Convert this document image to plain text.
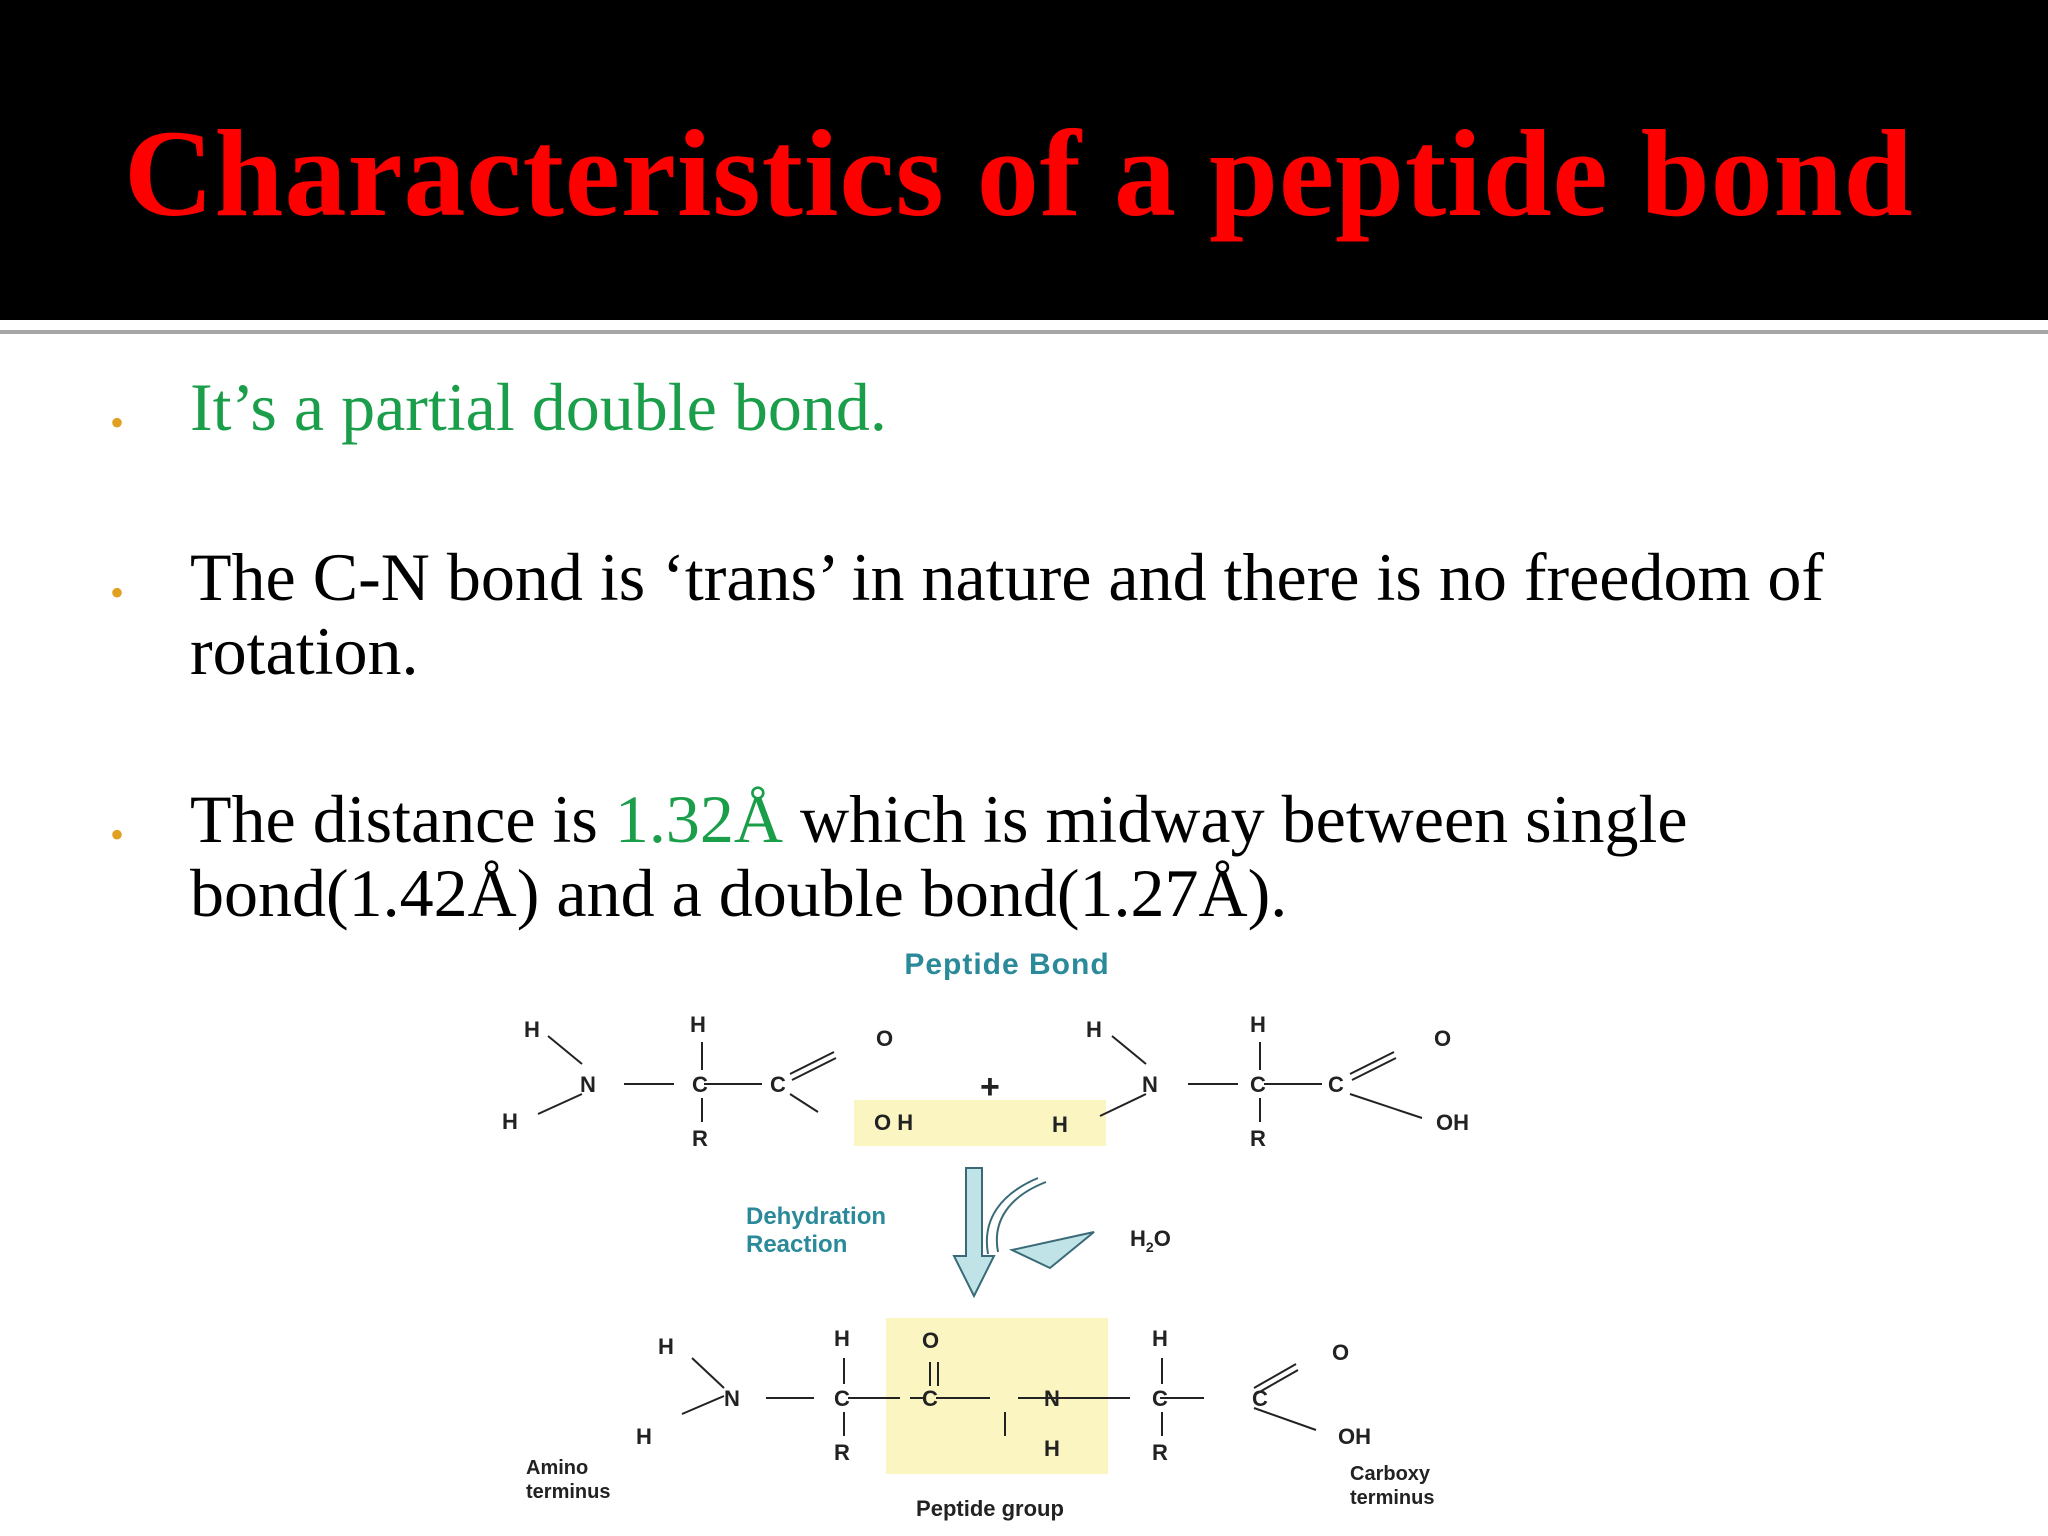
Characteristics of a peptide bond
• It’s a partial double bond.
• The C-N bond is ‘trans’ in nature and there is no freedom of rotation.
• The distance is 1.32Å which is midway between single bond(1.42Å) and a double bond(1.27Å).
Peptide Bond
H
H
N
H
C
R
C
O
O H
+
H
H
N
H
C
R
C
O
OH
Dehydration
Reaction	$H_2O$
H
H
N
H
C
R
O
C	N
H
H
C
R
C
O
OH
Amino
terminus
Carboxy
terminus
Peptide group
